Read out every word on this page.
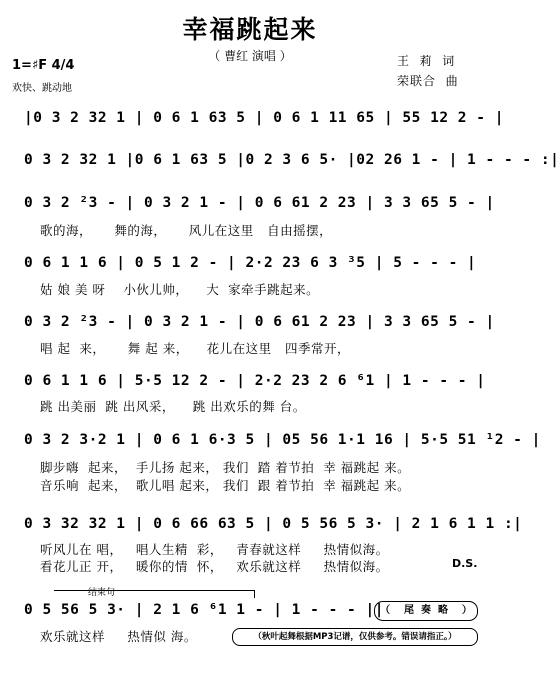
幸福跳起来
（ 曹红 演唱 ）
1=♯F 4/4
欢快、跳动地
王  莉  词
荣联合  曲
|0 3 2 32 1 | 0 6 1 63 5 | 0 6 1 11 65 | 55 12 2 - |
0 3 2 32 1 |0 6 1 63 5 |0 2 3 6 5· |02 26 1 - | 1 - - - :|
0 3 2 ²3 - | 0 3 2 1 - | 0 6 61 2 23 | 3 3 65 5 - |
歌的海，     舞的海，     风儿在这里   自由摇摆，
0 6 1 1 6 | 0 5 1 2 - | 2·2 23 6 3 ³5 | 5 - - - |
姑 娘 美 呀    小伙儿帅，    大  家牵手跳起来。
0 3 2 ²3 - | 0 3 2 1 - | 0 6 61 2 23 | 3 3 65 5 - |
唱 起  来，     舞 起 来，    花儿在这里   四季常开，
0 6 1 1 6 | 5·5 12 2 - | 2·2 23 2 6 ⁶1 | 1 - - - |
跳 出美丽  跳 出风采，    跳 出欢乐的舞 台。
0 3 2 3·2 1 | 0 6 1 6·3 5 | 05 56 1·1 16 | 5·5 51 ¹2 - |
脚步嗨  起来，  手儿扬 起来， 我们  踏 着节拍  幸 福跳起 来。
音乐响  起来，  歌儿唱 起来， 我们  跟 着节拍  幸 福跳起 来。
0 3 32 32 1 | 0 6 66 63 5 | 0 5 56 5 3· | 2 1 6 1 1 :|
听风儿在 唱，   唱人生精  彩，   青春就这样     热情似海。
看花儿正 开，   暖你的情  怀，   欢乐就这样     热情似海。	D.S.
结束句
0 5 56 5 3· | 2 1 6 ⁶1 1 - | 1 - - - ||
欢乐就这样     热情似 海。
（    尾  奏  略    ）
（秋叶起舞根据MP3记谱，仅供参考。错误请指正。）
